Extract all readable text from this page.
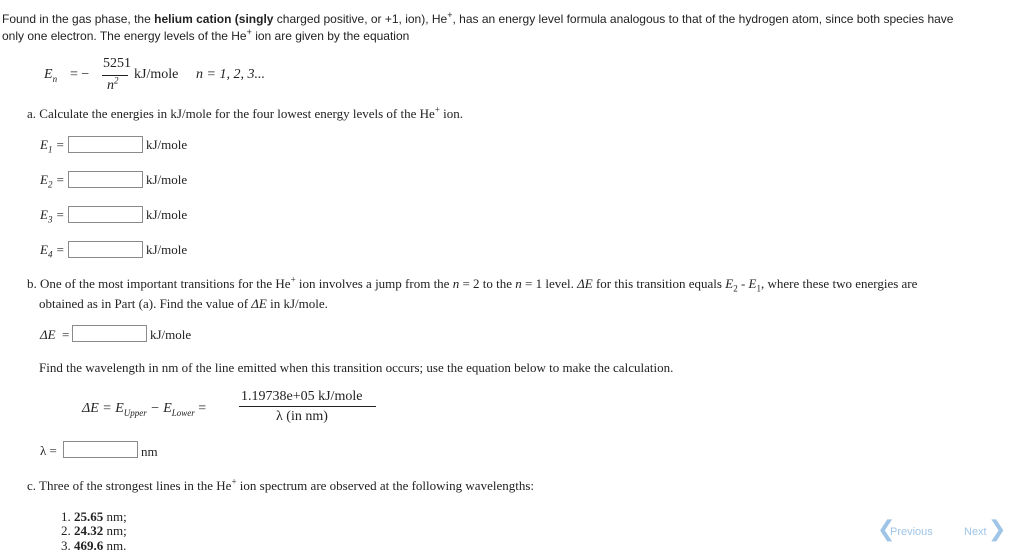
Found in the gas phase, the helium cation (singly charged positive, or +1, ion), He+, has an energy level formula analogous to that of the hydrogen atom, since both species have
only one electron. The energy levels of the He+ ion are given by the equation
$E_n$ = −
5251
$n^2$ kJ/mole n = 1, 2, 3...
a. Calculate the energies in kJ/mole for the four lowest energy levels of the He+ ion.
$E_1$ =	kJ/mole
$E_2$ =	kJ/mole
$E_3$ =	kJ/mole
$E_4$ =	kJ/mole
b. One of the most important transitions for the He+ ion involves a jump from the n = 2 to the n = 1 level. ΔE for this transition equals $E_2 - E_1$, where these two energies are
obtained as in Part (a). Find the value of ΔE in kJ/mole.
ΔE =	kJ/mole
Find the wavelength in nm of the line emitted when this transition occurs; use the equation below to make the calculation.
$\Delta E = E_{Upper} - E_{Lower}$ =
1.19738e+05 kJ/mole
λ (in nm)
λ =	nm
c. Three of the strongest lines in the He+ ion spectrum are observed at the following wavelengths:
1. 25.65 nm;
2. 24.32 nm;
3. 469.6 nm.
❮
Previous	Next ❯
